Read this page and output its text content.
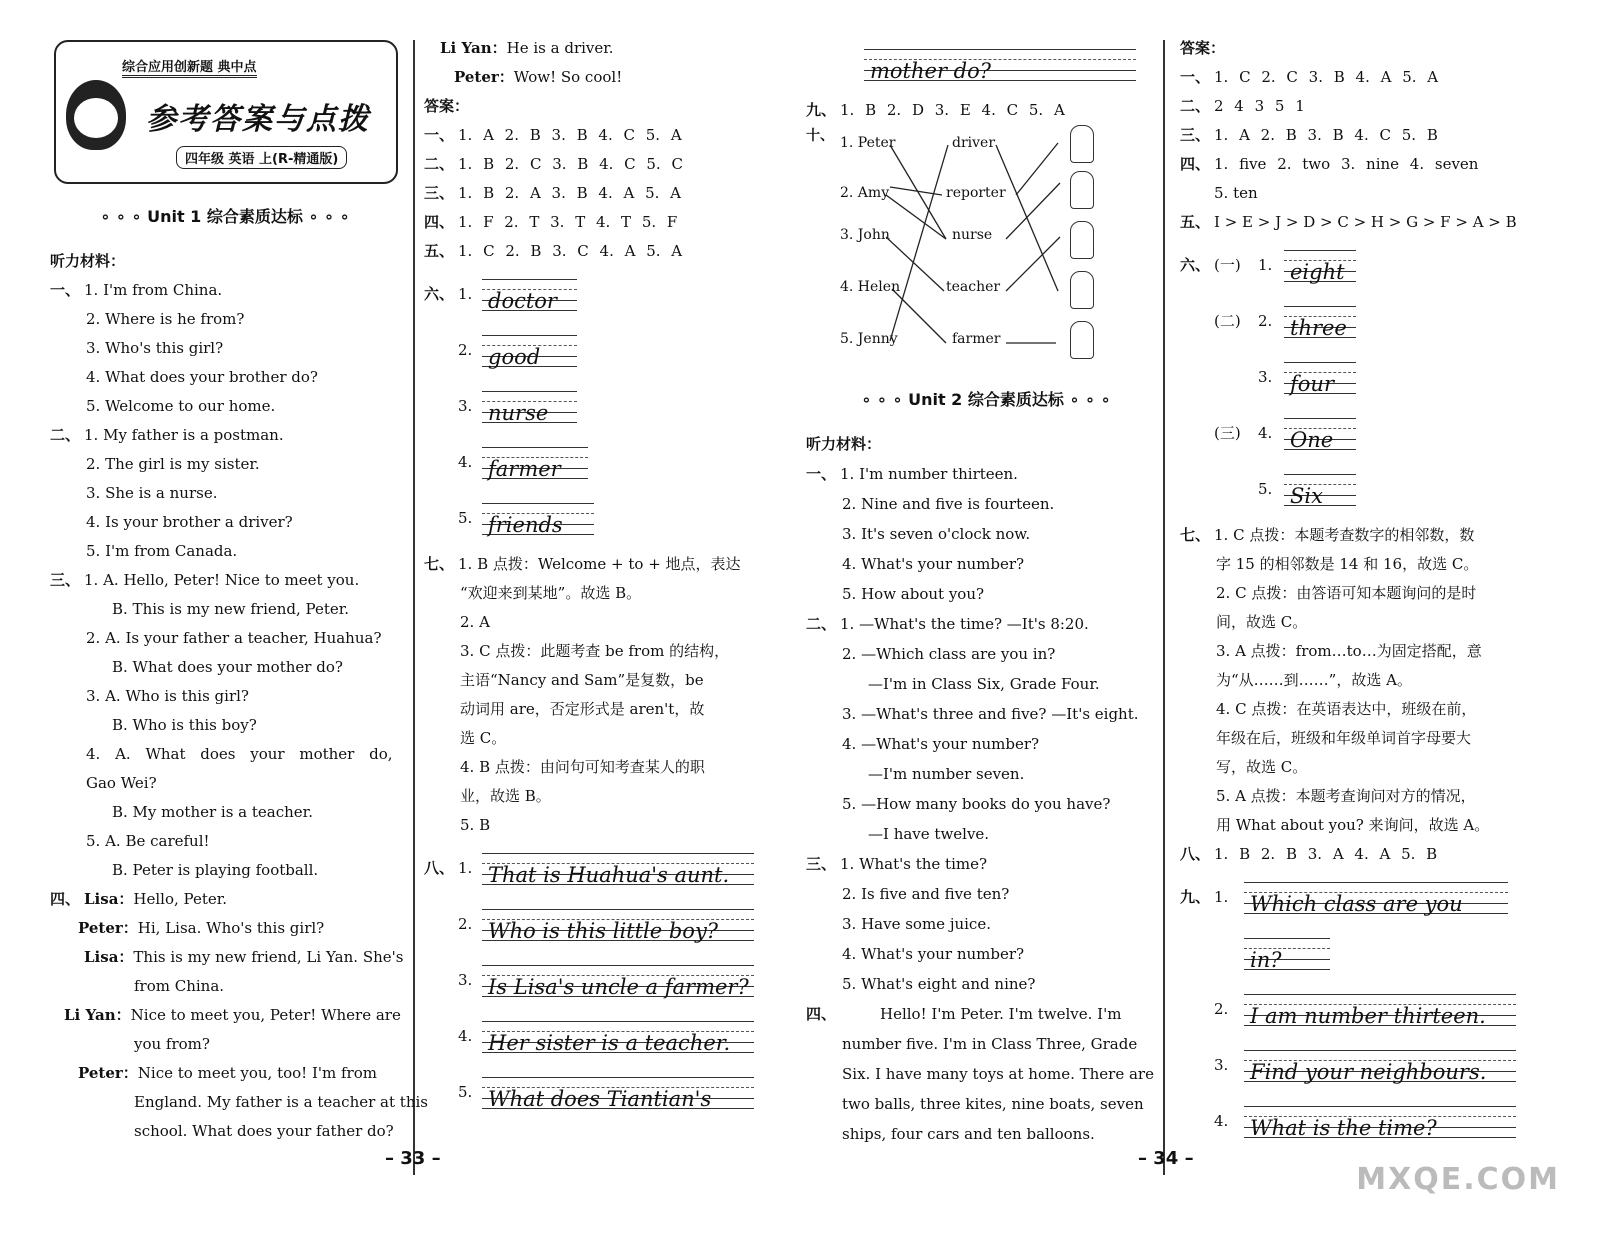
综合应用创新题 典中点
参考答案与点拨
四年级 英语 上(R-精通版)
∘ ∘ ∘ Unit 1 综合素质达标 ∘ ∘ ∘
听力材料：
一、 1. I'm from China.
2. Where is he from?
3. Who's this girl?
4. What does your brother do?
5. Welcome to our home.
二、 1. My father is a postman.
2. The girl is my sister.
3. She is a nurse.
4. Is your brother a driver?
5. I'm from Canada.
三、 1. A. Hello, Peter! Nice to meet you.
B. This is my new friend, Peter.
2. A. Is your father a teacher, Huahua?
B. What does your mother do?
3. A. Who is this girl?
B. Who is this boy?
4. A. What does your mother do,
Gao Wei?
B. My mother is a teacher.
5. A. Be careful!
B. Peter is playing football.
四、 Lisa：Hello, Peter.
Peter：Hi, Lisa. Who's this girl?
Lisa：This is my new friend, Li Yan. She's
from China.
Li Yan：Nice to meet you, Peter! Where are
you from?
Peter：Nice to meet you, too! I'm from
England. My father is a teacher at this
school. What does your father do?
– 33 –
Li Yan：He is a driver.
Peter：Wow! So cool!
答案：
一、 1. A 2. B 3. B 4. C 5. A
二、 1. B 2. C 3. B 4. C 5. C
三、 1. B 2. A 3. B 4. A 5. A
四、 1. F 2. T 3. T 4. T 5. F
五、 1. C 2. B 3. C 4. A 5. A
六、 1. doctor
2. good
3. nurse
4. farmer
5. friends
七、 1. B 点拨：Welcome + to + 地点，表达
“欢迎来到某地”。故选 B。
2. A
3. C 点拨：此题考查 be from 的结构，
主语“Nancy and Sam”是复数，be
动词用 are，否定形式是 aren't，故
选 C。
4. B 点拨：由问句可知考查某人的职
业，故选 B。
5. B
八、 1. That is Huahua's aunt.
2. Who is this little boy?
3. Is Lisa's uncle a farmer?
4. Her sister is a teacher.
5. What does Tiantian's
mother do?
九、 1. B 2. D 3. E 4. C 5. A
十、 1. Peter
2. Amy
3. John
4. Helen
5. Jenny
driver
reporter
nurse
teacher
farmer
∘ ∘ ∘ Unit 2 综合素质达标 ∘ ∘ ∘
听力材料：
一、 1. I'm number thirteen.
2. Nine and five is fourteen.
3. It's seven o'clock now.
4. What's your number?
5. How about you?
二、 1. —What's the time? —It's 8:20.
2. —Which class are you in?
—I'm in Class Six, Grade Four.
3. —What's three and five? —It's eight.
4. —What's your number?
—I'm number seven.
5. —How many books do you have?
—I have twelve.
三、 1. What's the time?
2. Is five and five ten?
3. Have some juice.
4. What's your number?
5. What's eight and nine?
四、	Hello! I'm Peter. I'm twelve. I'm
number five. I'm in Class Three, Grade
Six. I have many toys at home. There are
two balls, three kites, nine boats, seven
ships, four cars and ten balloons.
– 34 –
答案：
一、 1. C 2. C 3. B 4. A 5. A
二、 2 4 3 5 1
三、 1. A 2. B 3. B 4. C 5. B
四、 1. five 2. two 3. nine 4. seven
5. ten
五、 I > E > J > D > C > H > G > F > A > B
六、 (一) 1. eight
(二) 2. three
3. four
(三) 4. One
5. Six
七、 1. C 点拨：本题考查数字的相邻数，数
字 15 的相邻数是 14 和 16，故选 C。
2. C 点拨：由答语可知本题询问的是时
间，故选 C。
3. A 点拨：from…to…为固定搭配，意
为“从……到……”，故选 A。
4. C 点拨：在英语表达中，班级在前，
年级在后，班级和年级单词首字母要大
写，故选 C。
5. A 点拨：本题考查询问对方的情况，
用 What about you? 来询问，故选 A。
八、 1. B 2. B 3. A 4. A 5. B
九、 1. Which class are you
in?
2. I am number thirteen.
3. Find your neighbours.
4. What is the time?
MXQE.COM
